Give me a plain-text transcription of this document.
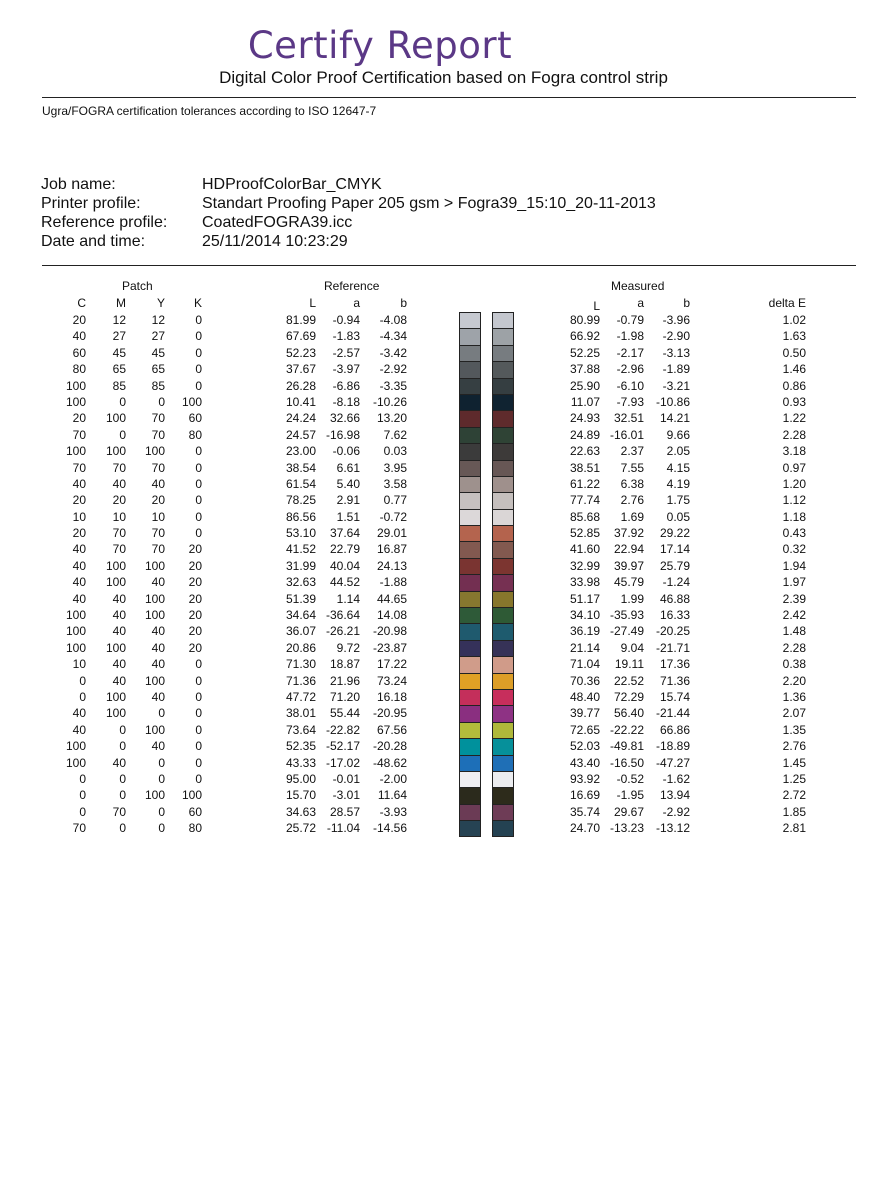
Certify Report
Digital Color Proof Certification based on Fogra control strip
Ugra/FOGRA certification tolerances according to ISO 12647-7
Job name:	HDProofColorBar_CMYK
Printer profile:	Standart Proofing Paper 205 gsm > Fogra39_15:10_20-11-2013
Reference profile:	CoatedFOGRA39.icc
Date and time:	25/11/2014 10:23:29
Patch	Reference	Measured
C	M	Y	K	L	a	b	L	a	b	delta E
20	12	12	0	81.99	-0.94	-4.08	80.99	-0.79	-3.96	1.02
40	27	27	0	67.69	-1.83	-4.34	66.92	-1.98	-2.90	1.63
60	45	45	0	52.23	-2.57	-3.42	52.25	-2.17	-3.13	0.50
80	65	65	0	37.67	-3.97	-2.92	37.88	-2.96	-1.89	1.46
100	85	85	0	26.28	-6.86	-3.35	25.90	-6.10	-3.21	0.86
100	0	0	100	10.41	-8.18	-10.26	11.07	-7.93 -10.86	0.93
20	100	70	60	24.24	32.66	13.20	24.93	32.51	14.21	1.22
70	0	70	80	24.57 -16.98	7.62	24.89 -16.01	9.66	2.28
100	100	100	0	23.00	-0.06	0.03	22.63	2.37	2.05	3.18
70	70	70	0	38.54	6.61	3.95	38.51	7.55	4.15	0.97
40	40	40	0	61.54	5.40	3.58	61.22	6.38	4.19	1.20
20	20	20	0	78.25	2.91	0.77	77.74	2.76	1.75	1.12
10	10	10	0	86.56	1.51	-0.72	85.68	1.69	0.05	1.18
20	70	70	0	53.10	37.64	29.01	52.85	37.92	29.22	0.43
40	70	70	20	41.52	22.79	16.87	41.60	22.94	17.14	0.32
40	100	100	20	31.99	40.04	24.13	32.99	39.97	25.79	1.94
40	100	40	20	32.63	44.52	-1.88	33.98	45.79	-1.24	1.97
40	40	100	20	51.39	1.14	44.65	51.17	1.99	46.88	2.39
100	40	100	20	34.64 -36.64	14.08	34.10 -35.93	16.33	2.42
100	40	40	20	36.07 -26.21	-20.98	36.19 -27.49 -20.25	1.48
100	100	40	20	20.86	9.72	-23.87	21.14	9.04 -21.71	2.28
10	40	40	0	71.30	18.87	17.22	71.04	19.11	17.36	0.38
0	40	100	0	71.36	21.96	73.24	70.36	22.52	71.36	2.20
0	100	40	0	47.72	71.20	16.18	48.40	72.29	15.74	1.36
40	100	0	0	38.01	55.44	-20.95	39.77	56.40 -21.44	2.07
40	0	100	0	73.64 -22.82	67.56	72.65 -22.22	66.86	1.35
100	0	40	0	52.35 -52.17	-20.28	52.03 -49.81 -18.89	2.76
100	40	0	0	43.33 -17.02	-48.62	43.40 -16.50 -47.27	1.45
0	0	0	0	95.00	-0.01	-2.00	93.92	-0.52	-1.62	1.25
0	0	100	100	15.70	-3.01	11.64	16.69	-1.95	13.94	2.72
0	70	0	60	34.63	28.57	-3.93	35.74	29.67	-2.92	1.85
70	0	0	80	25.72 -11.04	-14.56	24.70 -13.23 -13.12	2.81
